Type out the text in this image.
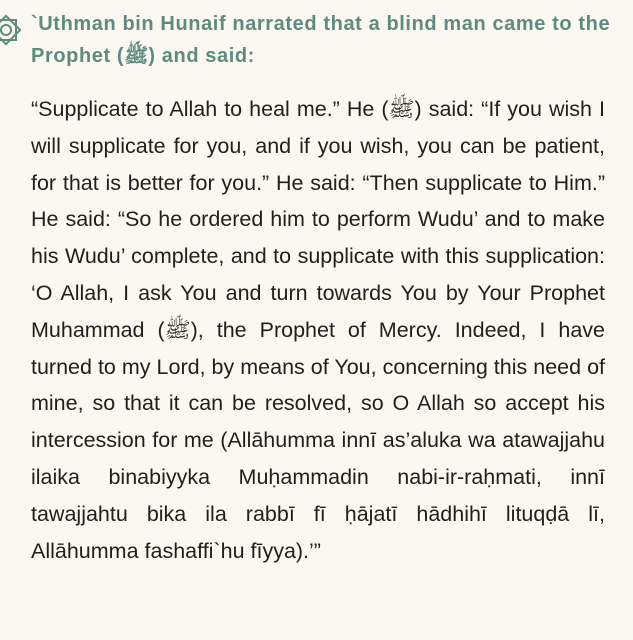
`Uthman bin Hunaif narrated that a blind man came to the Prophet (ﷺ) and said:

“Supplicate to Allah to heal me.” He (ﷺ) said: “If you wish I will supplicate for you, and if you wish, you can be patient, for that is better for you.” He said: “Then supplicate to Him.” He said: “So he ordered him to perform Wudu’ and to make his Wudu’ complete, and to supplicate with this supplication: ‘O Allah, I ask You and turn towards You by Your Prophet Muhammad (ﷺ), the Prophet of Mercy. Indeed, I have turned to my Lord, by means of You, concerning this need of mine, so that it can be resolved, so O Allah so accept his intercession for me (Allāhumma innī as’aluka wa atawajjahu ilaika binabiyyka Muḥammadin nabi-ir-raḥmati, innī tawajjahtu bika ila rabbī fī ḥājatī hādhihī lituqḍā lī, Allāhumma fashaffi`hu fīyya).’”
